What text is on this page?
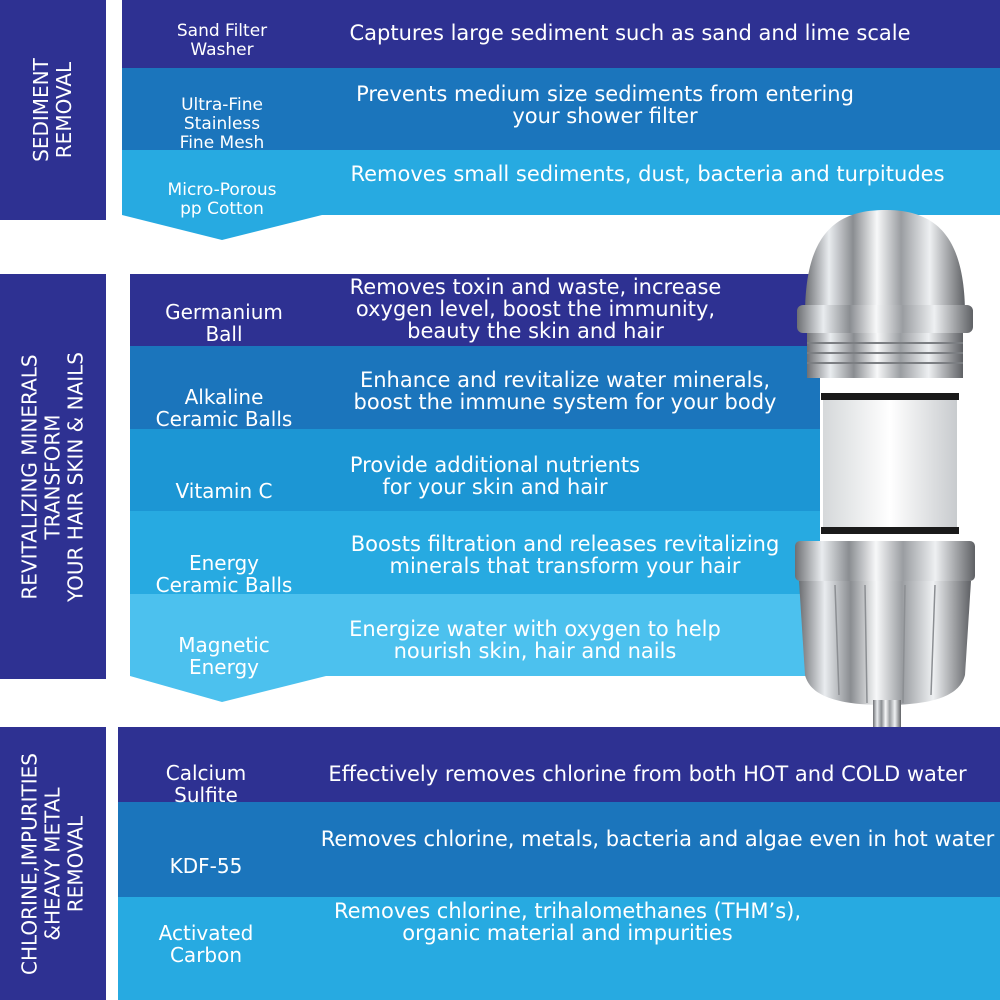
SEDIMENT
REMOVAL
Sand Filter
Washer
Captures large sediment such as sand and lime scale
Ultra-Fine
Stainless
Fine Mesh
Prevents medium size sediments from entering
your shower filter
Micro-Porous
pp Cotton
Removes small sediments, dust, bacteria and turpitudes
REVITALIZING MINERALS
TRANSFORM
YOUR HAIR SKIN & NAILS
Germanium
Ball
Removes toxin and waste, increase
oxygen level, boost the immunity,
beauty the skin and hair
Alkaline
Ceramic Balls
Enhance and revitalize water minerals,
boost the immune system for your body
Vitamin C
Provide additional nutrients
for your skin and hair
Energy
Ceramic Balls
Boosts filtration and releases revitalizing
minerals that transform your hair
Magnetic
Energy
Energize water with oxygen to help
nourish skin, hair and nails
CHLORINE,IMPURITIES
&HEAVY METAL
REMOVAL
Calcium
Sulfite
Effectively removes chlorine from both HOT and COLD water
KDF-55
Removes chlorine, metals, bacteria and algae even in hot water
Activated
Carbon
Removes chlorine, trihalomethanes (THM’s),
organic material and impurities
